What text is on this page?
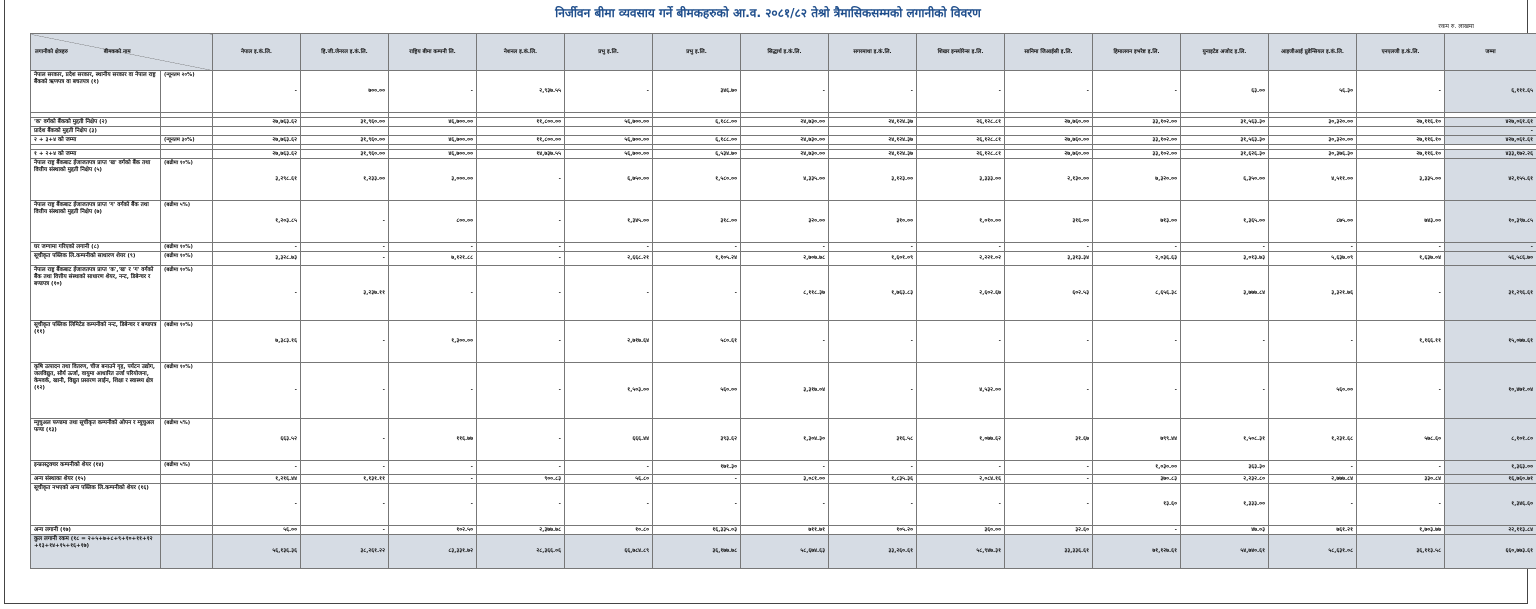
निर्जीवन बीमा व्यवसाय गर्ने बीमकहरुको आ.व. २०८१/८२ तेश्रो त्रैमासिकसम्मको लगानीको विवरण
रकम रु. लाखमा
लगानीको क्षेत्रहरु बीमकको नाम		नेपाल इ.कं.लि.	हि.जी.जेनरल इ.कं.लि.	राष्ट्रिय बीमा कम्पनी लि.	नेशनल इ.कं.लि.	प्रभु इ.लि.	प्रभु इ.लि.	सिद्धार्थ इ.कं.लि.	सगरमाथा इ.कं.लि.	शिखर इन्स्योरेन्स इ.लि.	सानिमा जिआईसी इ.लि.	हिमालयन इभरेष्ट इ.लि.	युनाइटेड अजोद इ.लि.	आइजीआई प्रुडेन्सियल इ.कं.लि.	एनएलजी इ.कं.लि.	जम्मा
नेपाल सरकार, प्रदेश सरकार, स्थानीय सरकार वा नेपाल राष्ट्र बैंकको ऋणपत्र वा बचतपत्र (१)	(न्यूनतम २०%)	-	७००.००	-	२,९३७.५५	-	३४६.७०	-	-	-	-	-	६३.००	५६.३०	-	६,१११.६५

'क' वर्गको बैंकको मुद्दती निक्षेप (२)		२७,७६३.६२	३१,९६०.००	४६,७००.००	११,८००.००	५६,७००.००	६,१८८.००	२४,७३०.००	२४,१२४.३७	२६,१२८.८१	२७,७६०.००	३३,१०२.००	३१,५६३.३०	३०,३२०.००	२७,११६.१०	४२७,०६१.६१
प्रादेश बैंकको मुद्दती निक्षेप (३)																-
२ + ३+४ को जम्मा	(न्यूनतम ३०%)	२७,७६३.६२	३१,९६०.००	४६,७००.००	११,८००.००	५६,७००.००	६,१८८.००	२४,७३०.००	२४,१२४.३७	२६,१२८.८१	२७,७६०.००	३३,१०२.००	३१,५६३.३०	३०,३२०.००	२७,११६.१०	४२७,०६१.६१

१ + २+४ को जम्मा		२७,७६३.६२	३१,९६०.००	४६,७००.००	१४,७३७.५५	५६,७००.००	६,५३४.७०	२४,७३०.००	२४,१२४.३७	२६,१२८.८१	२७,७६०.००	३३,१०२.००	३१,६२६.३०	३०,३७६.३०	२७,११६.१०	४३३,१७२.२६
नेपाल राष्ट्र बैंकबाट ईजाजतपत्र प्राप्त 'ख' वर्गको बैंक तथा वित्तीय संस्थाको मुद्दती निक्षेप (५)	(बढीमा १०%)	३,२९८.६१	१,२३३.००	३,०००.००	-	६,७५०.००	१,५८०.००	४,३३५.००	३,१२३.००	३,३३३.००	२,१३०.००	७,३२०.००	६,३५०.००	४,५११.००	३,३३५.००	४२,१५५.६१
नेपाल राष्ट्र बैंकबाट ईजाजतपत्र प्राप्त 'ग' वर्गको बैंक तथा वित्तीय संस्थाको मुद्दती निक्षेप (७)	(बढीमा ५%)	१,२०३.८५	-	८००.००	-	१,३४५.००	३१८.००	३२०.००	३१०.००	१,०१०.००	३१६.००	७१३.००	१,३६५.००	८७५.००	७४३.००	१०,३९७.८५
घर जग्गामा गरिएको लगानी (८)	(बढीमा १०%)	-	-	-	-	-	-	-	-	-	-	-	-	-	-	-
सूचीकृत पब्लिक लि.कम्पनीको साधारण शेयर (९)	(बढीमा १०%)	३,३२८.७३	-	७,१२१.८८	-	२,६६८.२१	१,१०५.२४	२,७०७.७८	१,६०१.०९	२,२२१.०२	३,३१३.३४	२,०३६.६३	३,०१३.७३	५,६३७.०९	१,६३७.०४	५६,५८६.७०
नेपाल राष्ट्र बैंकबाट ईजाजतपत्र प्राप्त 'क','ख' र 'ग' वर्गको बैंक तथा वित्तीय संस्थाको साधारण शेयर, नन्ट, डिबेन्चर र बण्डपत्र (१०)	(बढीमा १०%)	-	३,२३७.११	-	-	-	-	८,११८.३७	१,७६३.८३	२,६०२.६७	६०२.५३	८,६५६.३८	३,७७७.८४	३,३२१.७६	-	३१,२९६.६१
सूचीकृत पब्लिक लिमिटेड कम्पनीको नन्ट, डिबेन्चर र बण्डपत्र (११)	(बढीमा १०%)	७,३८३.१६	-	१,३००.००	-	२,७१७.६४	५८०.६१	-	-	-	-	-	-	-	१,१६६.११	१५,०७७.६१
कृषि उत्पादन तथा वितरण, चीज बनाउने गृह, पर्यटन उद्योग, जलविद्युत, सौर्य ऊर्जा, वायुमा आधारित उर्जा परियोजना, केमवर्क, खानी, विद्युत प्रसारण लाईन, शिक्षा र स्वास्थ्य क्षेत्र (१२)	(बढीमा १०%)	-	-	-	-	१,५०३.००	५६०.००	३,३१७.०४	-	४,५३२.००	-	-	-	५६०.००	-	१०,४७१.०४
म्युचुअल फण्डमा तथा सूचीकृत कम्पनीको ओपन र म्युचुअल फण्ड (१३)	(बढीमा ५%)	६६३.५२	-	११६.७७	-	६६६.४४	३९३.६२	१,३०४.३०	३१६.५८	१,०७७.६२	३१.६७	७९९.४४	१,५०८.३१	१,२३१.६८	५७८.६०	८,१०१.८०
इन्फ्रास्ट्रक्चर कम्पनीको शेयर (१४)	(बढीमा ५%)	-	-	-	-	-	१७१.३०	-	-	-	-	१,०३०.००	३६३.३०	-	-	१,३६३.००
अन्य संस्थाका शेयर (१५)		१,२१६.४४	१,१३१.११	-	९००.८३	५६.८०	-	३,०८१.००	१,८३५.३६	२,०८४.१६	-	३७०.८३	२,२३२.८०	२,७७७.८४	३३०.८४	१६,७६०.७१
सूचीकृत नभएको अन्य पब्लिक लि.कम्पनीको शेयर (१६)		-	-	-	-	-	-	-	-	-	-	१३.६०	१,३३३.००	-	-	१,३४६.६०
अन्य लगानी (१७)		५६.००	-	१०२.५०	२,३७७.७८	१०.८०	१६,३३५.०३	७११.७१	१०५.२०	३६०.००	३२.६०	-	४७.०३	७६१.२१	१,७०३.७७	२२,११३.८४
कुल लगानी रकम (१८ = २+५+७+८+९+१०+११+१२ +१३+१४+१५+१६+१७)		५६,१३६.३६	३८,२६१.२२	८३,३३१.७२	२८,३६६.०६	६६,७८४.८९	३६,१७७.७८	५८,६७४.६३	३३,२६०.६१	५८,९४७.३१	३३,३३६.६१	७१,१२७.६१	५४,७४०.६१	५८,६३१.०८	३६,११३.५८	६६०,७७३.६१
